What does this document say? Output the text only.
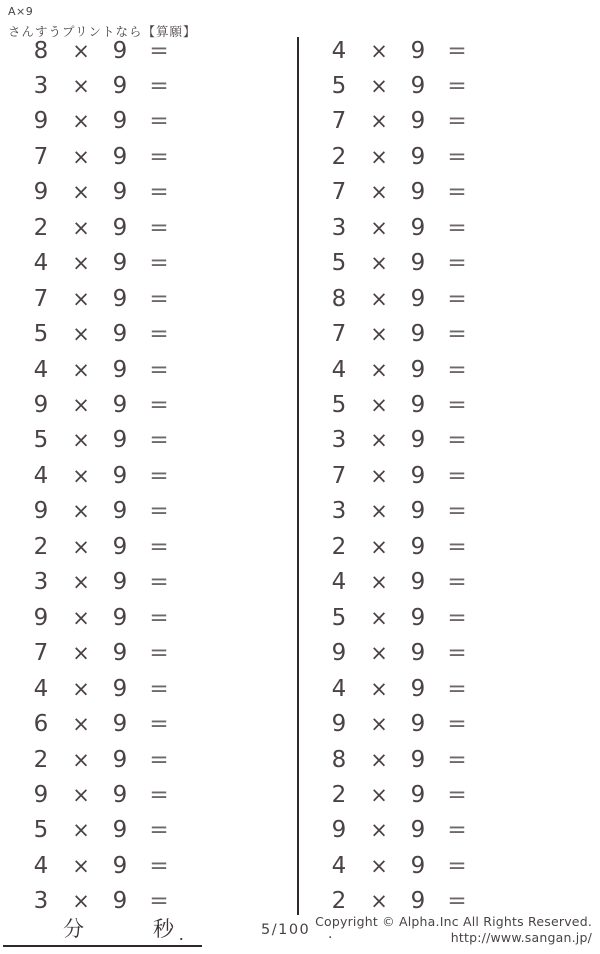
A×9
さんすうプリントなら【算願】
8	× 9 =
3	× 9 =
9	× 9 =
7	× 9 =
9	× 9 =
2	× 9 =
4	× 9 =
7	× 9 =
5	× 9 =
4	× 9 =
9	× 9 =
5	× 9 =
4	× 9 =
9	× 9 =
2	× 9 =
3	× 9 =
9	× 9 =
7	× 9 =
4	× 9 =
6	× 9 =
2	× 9 =
9	× 9 =
5	× 9 =
4	× 9 =
3	× 9 =
4	× 9 =
5	× 9 =
7	× 9 =
2	× 9 =
7	× 9 =
3	× 9 =
5	× 9 =
8	× 9 =
7	× 9 =
4	× 9 =
5	× 9 =
3	× 9 =
7	× 9 =
3	× 9 =
2	× 9 =
4	× 9 =
5	× 9 =
9	× 9 =
4	× 9 =
9	× 9 =
8	× 9 =
2	× 9 =
9	× 9 =
4	× 9 =
2	× 9 =
分	秒 .	5/100 .
Copyright © Alpha.Inc All Rights Reserved.
http://www.sangan.jp/
